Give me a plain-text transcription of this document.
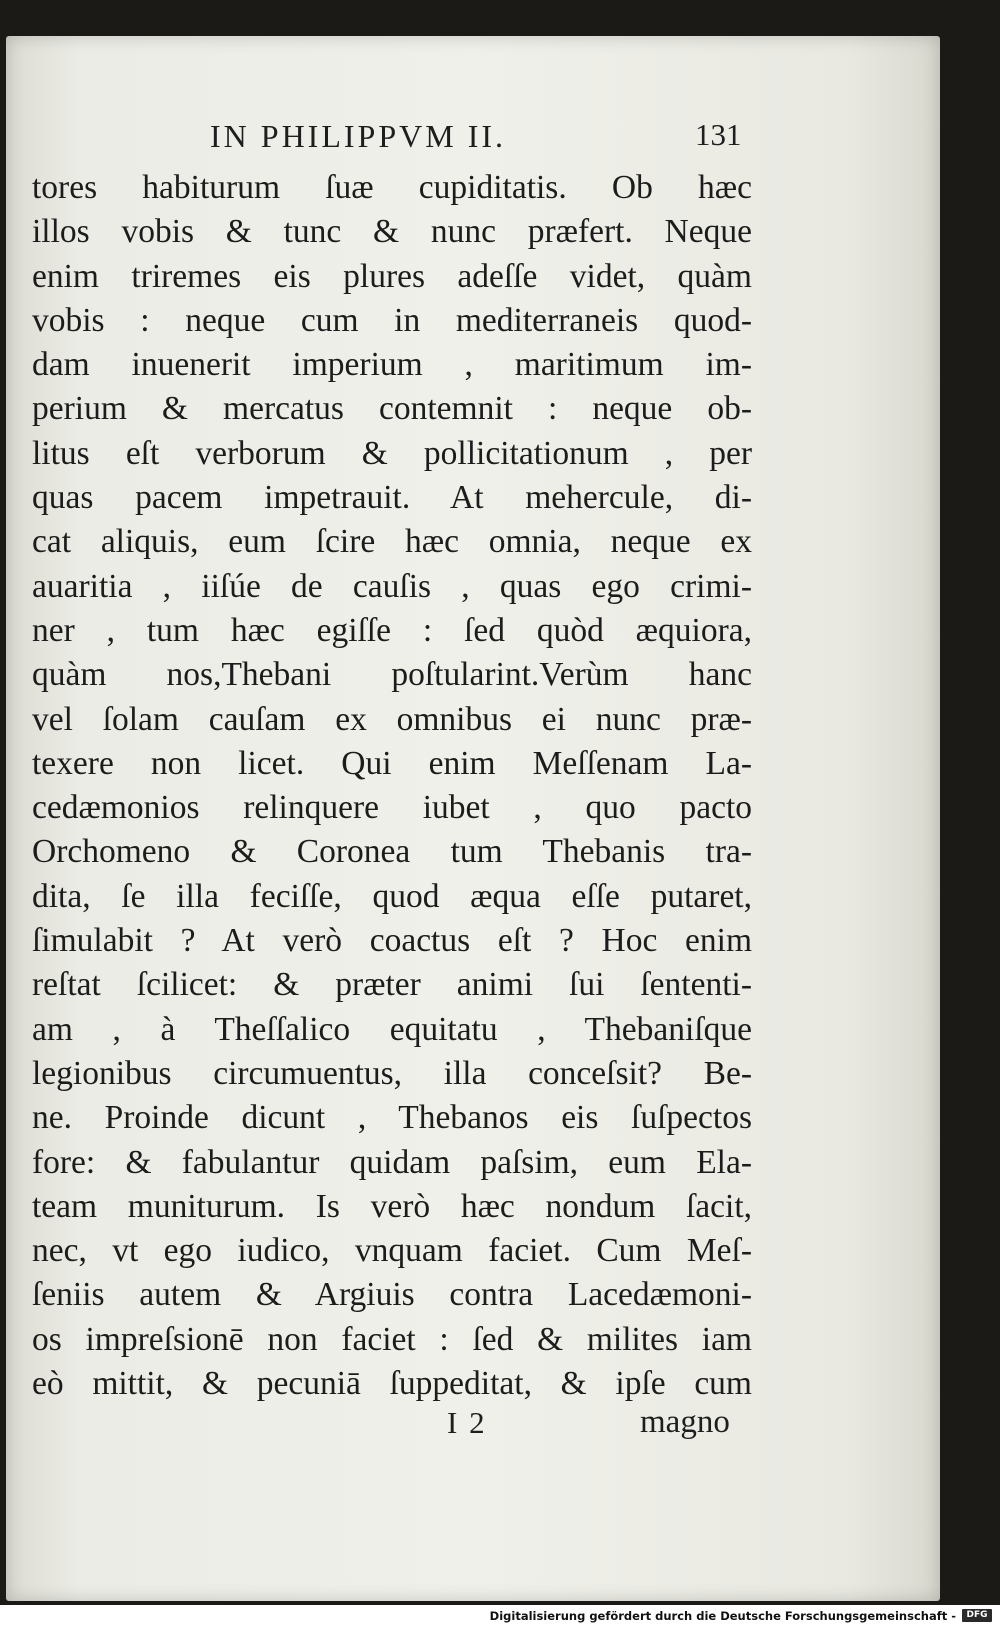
IN PHILIPPVM II.	131
tores habiturum ſuæ cupiditatis. Ob hæc
illos vobis & tunc & nunc præfert. Neque
enim triremes eis plures adeſſe videt, quàm
vobis : neque cum in mediterraneis quod-
dam inuenerit imperium , maritimum im-
perium & mercatus contemnit : neque ob-
litus eſt verborum & pollicitationum , per
quas pacem impetrauit. At mehercule, di-
cat aliquis, eum ſcire hæc omnia, neque ex
auaritia , iiſúe de cauſis , quas ego crimi-
ner , tum hæc egiſſe : ſed quòd æquiora,
quàm nos,Thebani poſtularint.Verùm hanc
vel ſolam cauſam ex omnibus ei nunc præ-
texere non licet. Qui enim Meſſenam La-
cedæmonios relinquere iubet , quo pacto
Orchomeno & Coronea tum Thebanis tra-
dita, ſe illa feciſſe, quod æqua eſſe putaret,
ſimulabit ? At verò coactus eſt ? Hoc enim
reſtat ſcilicet: & præter animi ſui ſententi-
am , à Theſſalico equitatu , Thebaniſque
legionibus circumuentus, illa conceſsit? Be-
ne. Proinde dicunt , Thebanos eis ſuſpectos
fore: & fabulantur quidam paſsim, eum Ela-
team muniturum. Is verò hæc nondum ſacit,
nec, vt ego iudico, vnquam faciet. Cum Meſ-
ſeniis autem & Argiuis contra Lacedæmoni-
os impreſsionē non faciet : ſed & milites iam
eò mittit, & pecuniā ſuppeditat, & ipſe cum
I 2	magno
Digitalisierung gefördert durch die Deutsche Forschungsgemeinschaft -	DFG
